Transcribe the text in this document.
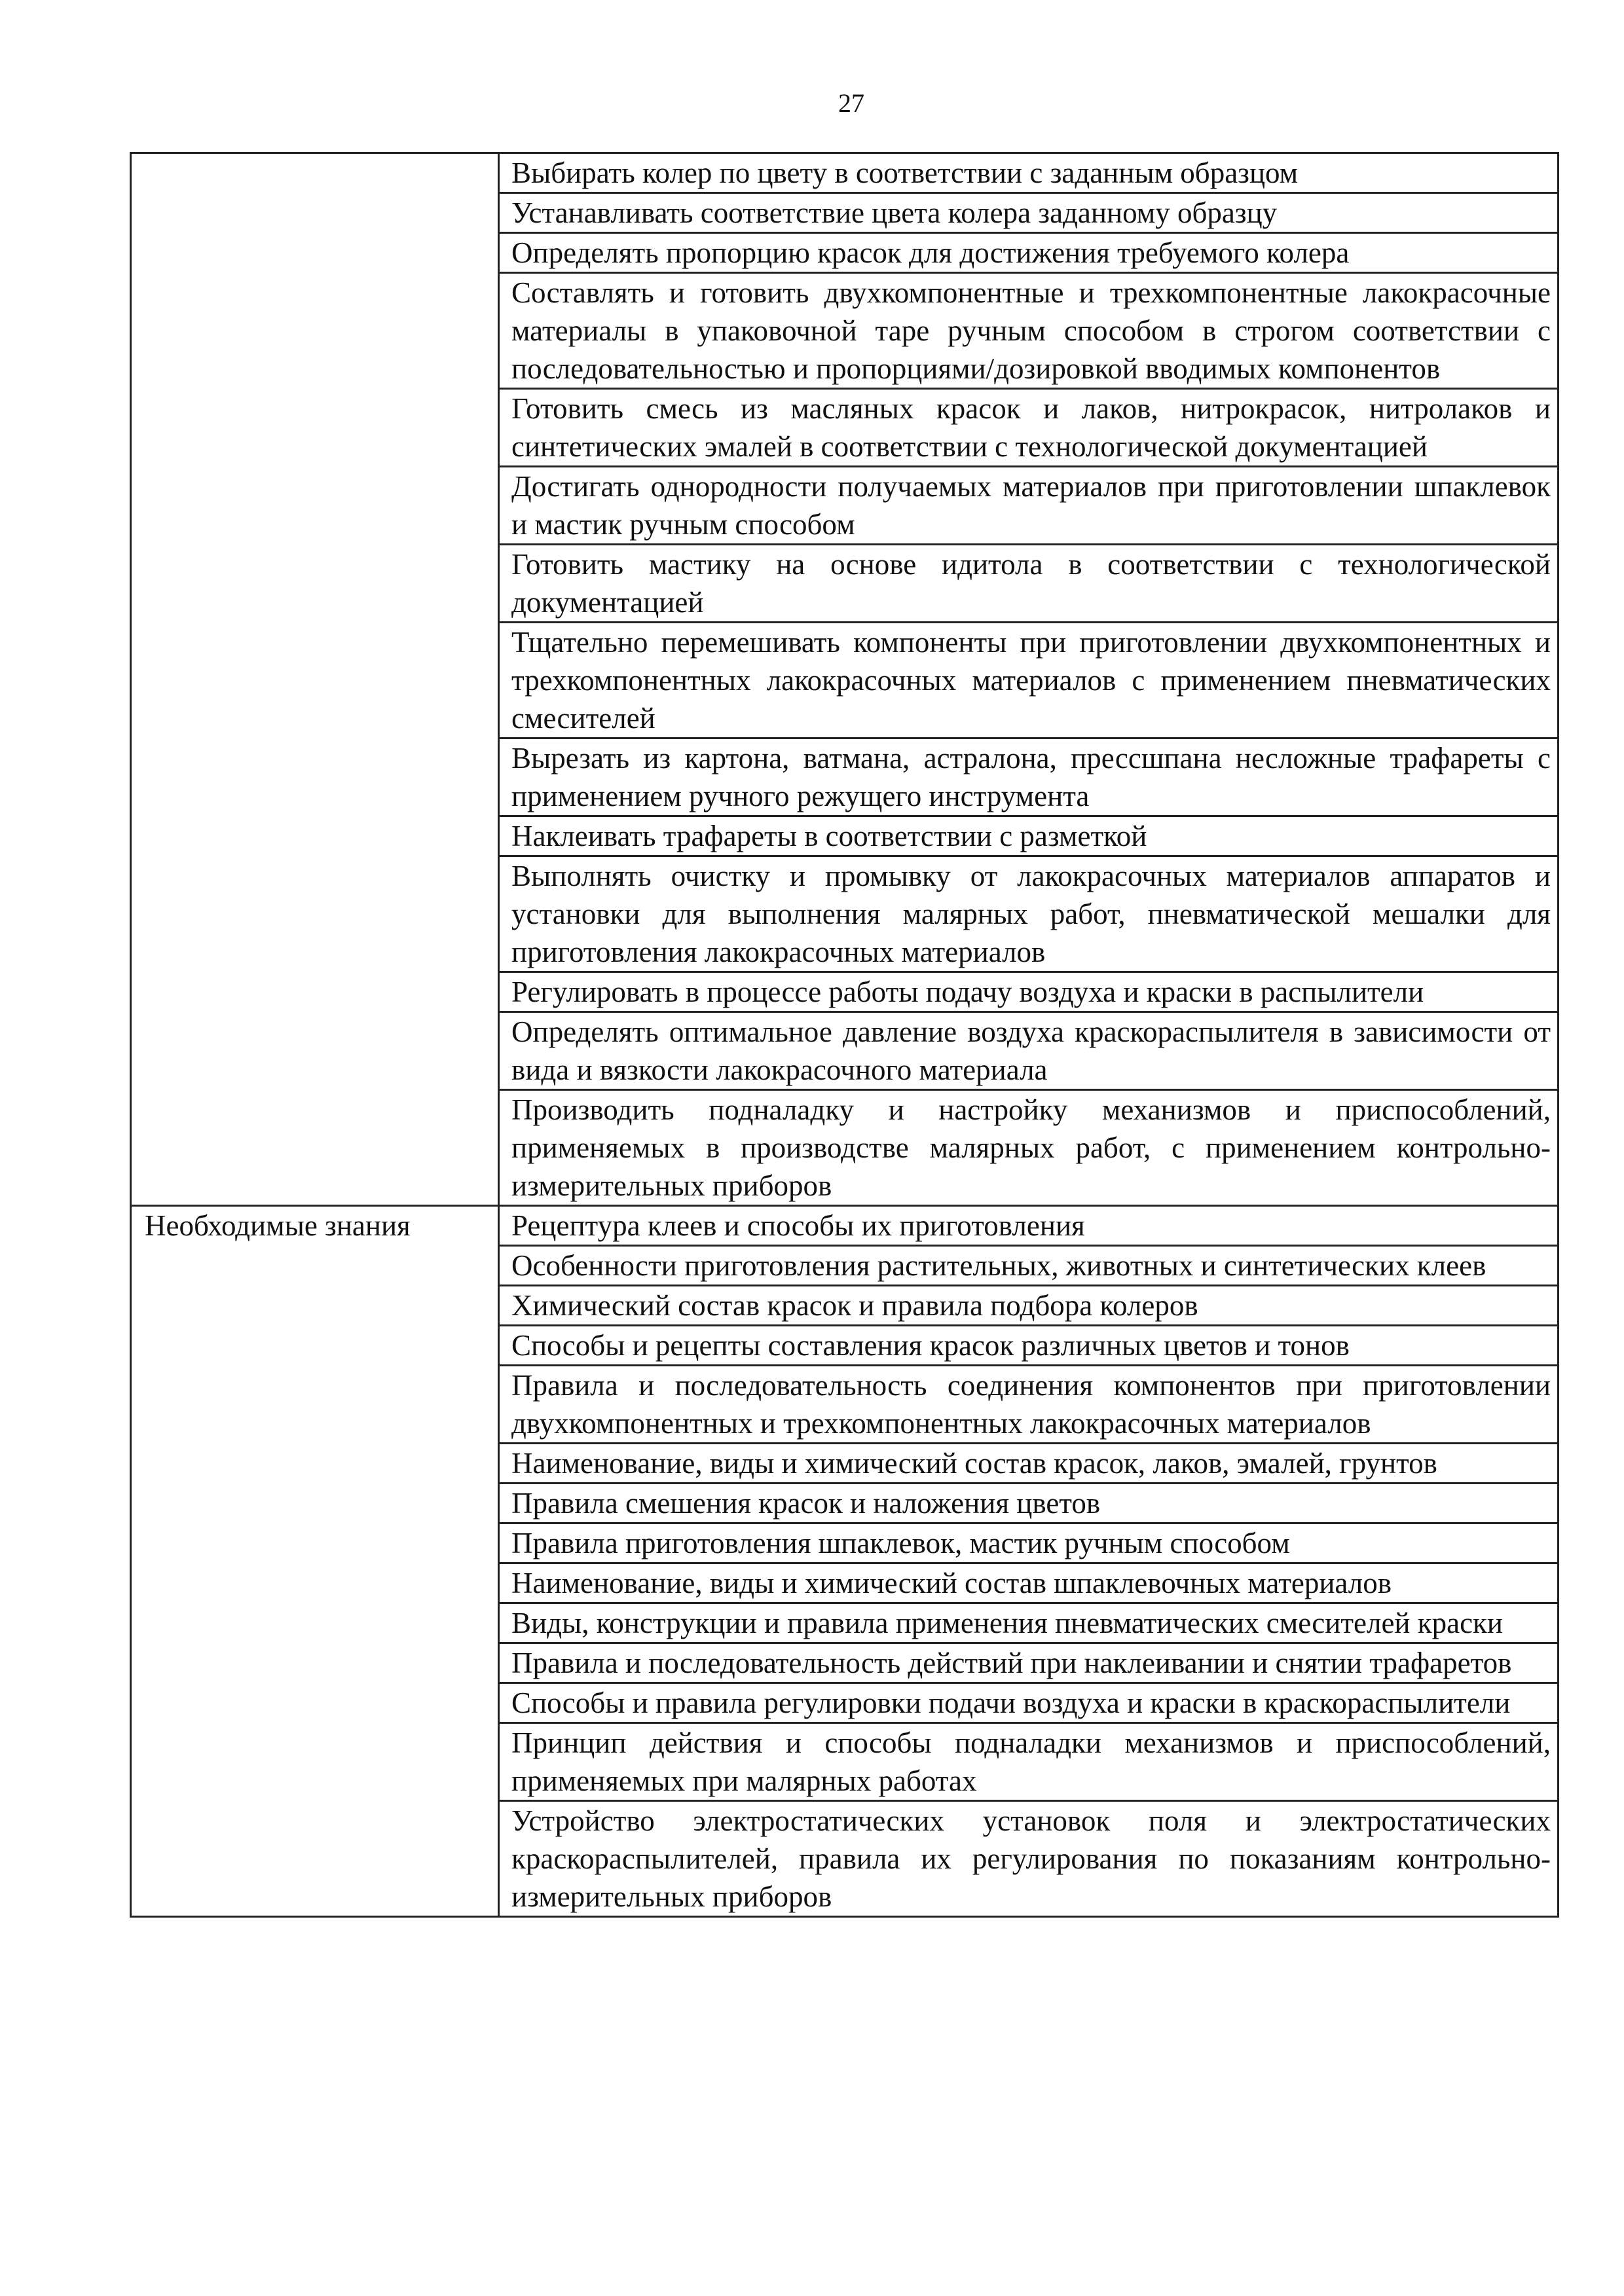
27
	Выбирать колер по цвету в соответствии с заданным образцом
	Устанавливать соответствие цвета колера заданному образцу
	Определять пропорцию красок для достижения требуемого колера
	Составлять и готовить двухкомпонентные и трехкомпонентные лакокрасочные материалы в упаковочной таре ручным способом в строгом соответствии с последовательностью и пропорциями/дозировкой вводимых компонентов
	Готовить смесь из масляных красок и лаков, нитрокрасок, нитролаков и синтетических эмалей в соответствии с технологической документацией
	Достигать однородности получаемых материалов при приготовлении шпаклевок и мастик ручным способом
	Готовить мастику на основе идитола в соответствии с технологической документацией
	Тщательно перемешивать компоненты при приготовлении двухкомпонентных и трехкомпонентных лакокрасочных материалов с применением пневматических смесителей
	Вырезать из картона, ватмана, астралона, прессшпана несложные трафареты с применением ручного режущего инструмента
	Наклеивать трафареты в соответствии с разметкой
	Выполнять очистку и промывку от лакокрасочных материалов аппаратов и установки для выполнения малярных работ, пневматической мешалки для приготовления лакокрасочных материалов
	Регулировать в процессе работы подачу воздуха и краски в распылители
	Определять оптимальное давление воздуха краскораспылителя в зависимости от вида и вязкости лакокрасочного материала
	Производить подналадку и настройку механизмов и приспособлений, применяемых в производстве малярных работ, с применением контрольно-измерительных приборов
Необходимые знания	Рецептура клеев и способы их приготовления
	Особенности приготовления растительных, животных и синтетических клеев
	Химический состав красок и правила подбора колеров
	Способы и рецепты составления красок различных цветов и тонов
	Правила и последовательность соединения компонентов при приготовлении двухкомпонентных и трехкомпонентных лакокрасочных материалов
	Наименование, виды и химический состав красок, лаков, эмалей, грунтов
	Правила смешения красок и наложения цветов
	Правила приготовления шпаклевок, мастик ручным способом
	Наименование, виды и химический состав шпаклевочных материалов
	Виды, конструкции и правила применения пневматических смесителей краски
	Правила и последовательность действий при наклеивании и снятии трафаретов
	Способы и правила регулировки подачи воздуха и краски в краскораспылители
	Принцип действия и способы подналадки механизмов и приспособлений, применяемых при малярных работах
	Устройство электростатических установок поля и электростатических краскораспылителей, правила их регулирования по показаниям контрольно-измерительных приборов
